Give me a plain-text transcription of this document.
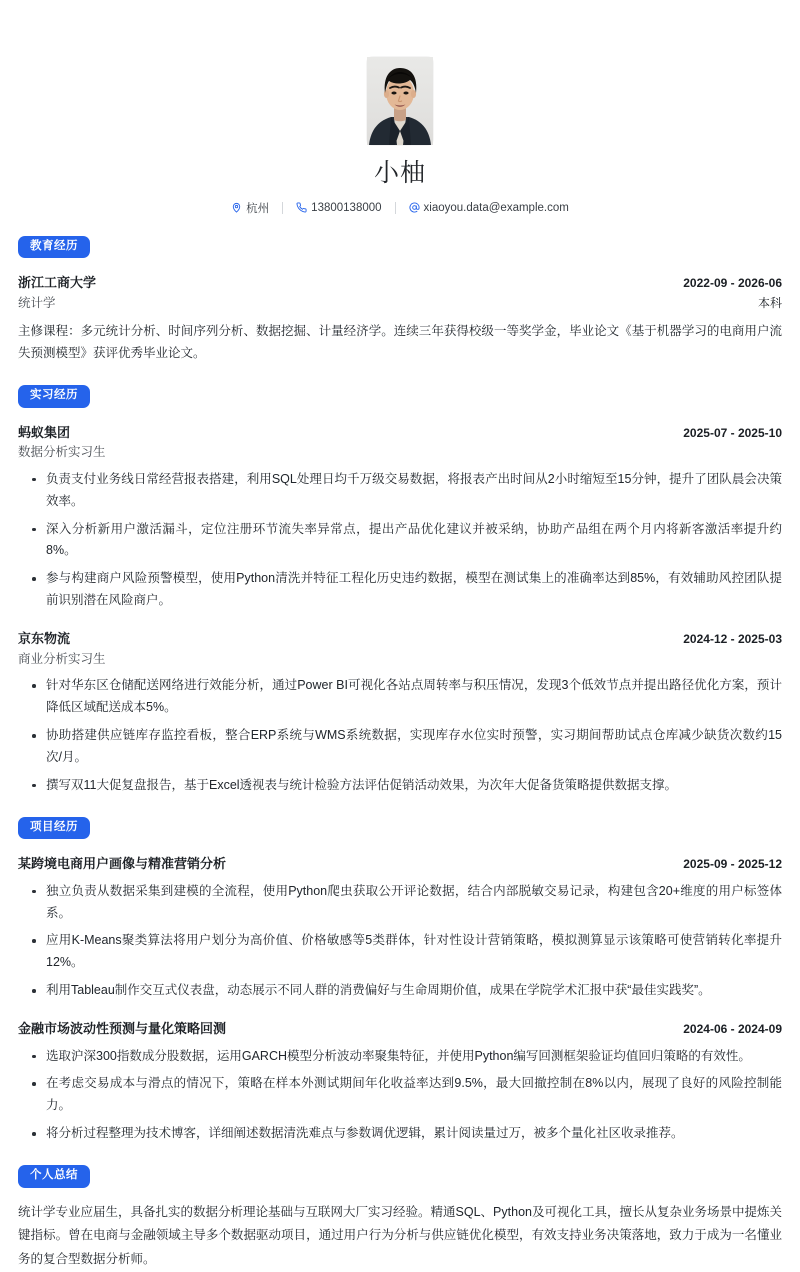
小柚
杭州	13800138000	xiaoyou.data@example.com
教育经历
浙江工商大学	2022-09 - 2026-06
统计学	本科
主修课程：多元统计分析、时间序列分析、数据挖掘、计量经济学。连续三年获得校级一等奖学金，毕业论文《基于机器学习的电商用户流失预测模型》获评优秀毕业论文。
实习经历
蚂蚁集团	2025-07 - 2025-10
数据分析实习生
负责支付业务线日常经营报表搭建，利用SQL处理日均千万级交易数据，将报表产出时间从2小时缩短至15分钟，提升了团队晨会决策效率。
深入分析新用户激活漏斗，定位注册环节流失率异常点，提出产品优化建议并被采纳，协助产品组在两个月内将新客激活率提升约8%。
参与构建商户风险预警模型，使用Python清洗并特征工程化历史违约数据，模型在测试集上的准确率达到85%，有效辅助风控团队提前识别潜在风险商户。
京东物流	2024-12 - 2025-03
商业分析实习生
针对华东区仓储配送网络进行效能分析，通过Power BI可视化各站点周转率与积压情况，发现3个低效节点并提出路径优化方案，预计降低区域配送成本5%。
协助搭建供应链库存监控看板，整合ERP系统与WMS系统数据，实现库存水位实时预警，实习期间帮助试点仓库减少缺货次数约15次/月。
撰写双11大促复盘报告，基于Excel透视表与统计检验方法评估促销活动效果，为次年大促备货策略提供数据支撑。
项目经历
某跨境电商用户画像与精准营销分析	2025-09 - 2025-12
独立负责从数据采集到建模的全流程，使用Python爬虫获取公开评论数据，结合内部脱敏交易记录，构建包含20+维度的用户标签体系。
应用K-Means聚类算法将用户划分为高价值、价格敏感等5类群体，针对性设计营销策略，模拟测算显示该策略可使营销转化率提升12%。
利用Tableau制作交互式仪表盘，动态展示不同人群的消费偏好与生命周期价值，成果在学院学术汇报中获“最佳实践奖”。
金融市场波动性预测与量化策略回测	2024-06 - 2024-09
选取沪深300指数成分股数据，运用GARCH模型分析波动率聚集特征，并使用Python编写回测框架验证均值回归策略的有效性。
在考虑交易成本与滑点的情况下，策略在样本外测试期间年化收益率达到9.5%，最大回撤控制在8%以内，展现了良好的风险控制能力。
将分析过程整理为技术博客，详细阐述数据清洗难点与参数调优逻辑，累计阅读量过万，被多个量化社区收录推荐。
个人总结
统计学专业应届生，具备扎实的数据分析理论基础与互联网大厂实习经验。精通SQL、Python及可视化工具，擅长从复杂业务场景中提炼关键指标。曾在电商与金融领域主导多个数据驱动项目，通过用户行为分析与供应链优化模型，有效支持业务决策落地，致力于成为一名懂业务的复合型数据分析师。
